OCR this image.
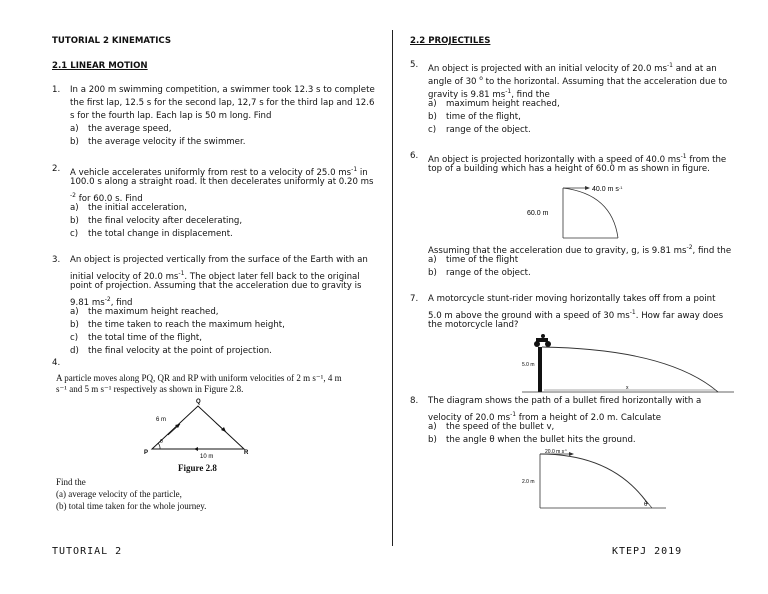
TUTORIAL 2 KINEMATICS
2.1 LINEAR MOTION
1. In a 200 m swimming competition, a swimmer took 12.3 s to complete
the first lap, 12.5 s for the second lap, 12,7 s for the third lap and 12.6
s for the fourth lap. Each lap is 50 m long. Find
a) the average speed,
b) the average velocity if the swimmer.
2. A vehicle accelerates uniformly from rest to a velocity of 25.0 $ms^{-1}$ in
100.0 s along a straight road. It then decelerates uniformly at 0.20 ms
$^{-2}$ for 60.0 s. Find
a) the initial acceleration,
b) the final velocity after decelerating,
c) the total change in displacement.
3. An object is projected vertically from the surface of the Earth with an
initial velocity of 20.0 $ms^{-1}$. The object later fell back to the original
point of projection. Assuming that the acceleration due to gravity is
9.81 $ms^{-2}$, find
a) the maximum height reached,
b) the time taken to reach the maximum height,
c) the total time of the flight,
d) the final velocity at the point of projection.
4.
A particle moves along PQ, QR and RP with uniform velocities of 2 m s⁻¹, 4 m
s⁻¹ and 5 m s⁻¹ respectively as shown in Figure 2.8.
Q
P	R
6 m
10 m
θ
Figure 2.8
Find the
(a) average velocity of the particle,
(b) total time taken for the whole journey.
TUTORIAL 2
2.2 PROJECTILES
5. An object is projected with an initial velocity of 20.0 $ms^{-1}$ and at an
angle of 30 $^o$ to the horizontal. Assuming that the acceleration due to
gravity is 9.81 $ms^{-1}$, find the
a) maximum height reached,
b) time of the flight,
c) range of the object.
6. An object is projected horizontally with a speed of 40.0 $ms^{-1}$ from the
top of a building which has a height of 60.0 m as shown in figure.
40.0 m $s^{-1}$
60.0 m
Assuming that the acceleration due to gravity, g, is 9.81 $ms^{-2}$, find the
a) time of the flight
b) range of the object.
7. A motorcycle stunt-rider moving horizontally takes off from a point
5.0 m above the ground with a speed of 30 $ms^{-1}$. How far away does
the motorcycle land?
5.0 m
x
8. The diagram shows the path of a bullet fired horizontally with a
velocity of 20.0 $ms^{-1}$ from a height of 2.0 m. Calculate
a) the speed of the bullet v,
b) the angle θ when the bullet hits the ground.
20.0 m $s^{-1}$
2.0 m
θ
KTEPJ 2019
